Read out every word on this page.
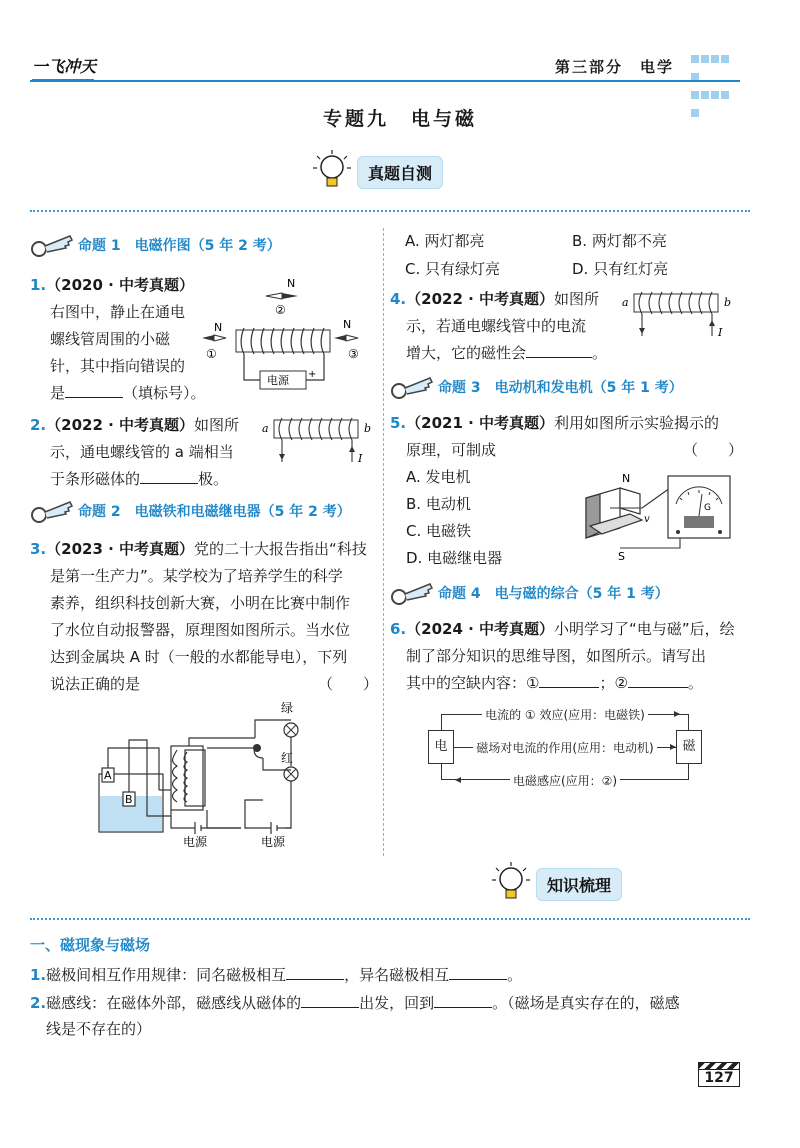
一飞冲天	第三部分　电学

专题九　电与磁
真题自测
命题 1　电磁作图（5 年 2 考）
1.（2020 · 中考真题）
右图中，静止在通电
螺线管周围的小磁
针，其中指向错误的
是	（填标号）。
N
②
N
①
电源 +
N
③
2.（2022 · 中考真题）如图所
示，通电螺线管的 a 端相当
于条形磁体的	极。
a	b
I
命题 2　电磁铁和电磁继电器（5 年 2 考）
3.（2023 · 中考真题）党的二十大报告指出“科技
是第一生产力”。某学校为了培养学生的科学
素养，组织科技创新大赛，小明在比赛中制作
了水位自动报警器，原理图如图所示。当水位
达到金属块 A 时（一般的水都能导电），下列
说法正确的是	（　　）
绿
红
A
B
电源	电源
A. 两灯都亮	B. 两灯都不亮
C. 只有绿灯亮	D. 只有红灯亮
4.（2022 · 中考真题）如图所
示，若通电螺线管中的电流
增大，它的磁性会	。
a	b
I
命题 3　电动机和发电机（5 年 1 考）
5.（2021 · 中考真题）利用如图所示实验揭示的
原理，可制成	（　　）
A. 发电机
B. 电动机
C. 电磁铁
D. 电磁继电器
N
S
v
G
命题 4　电与磁的综合（5 年 1 考）
6.（2024 · 中考真题）小明学习了“电与磁”后，绘
制了部分知识的思维导图，如图所示。请写出
其中的空缺内容：①	；②	。
电	磁
电流的 ① 效应(应用：电磁铁)
磁场对电流的作用(应用：电动机)
电磁感应(应用：②)
知识梳理
一、磁现象与磁场
1.磁极间相互作用规律：同名磁极相互	，异名磁极相互	。
2.磁感线：在磁体外部，磁感线从磁体的	出发，回到	。（磁场是真实存在的，磁感
线是不存在的）
127
